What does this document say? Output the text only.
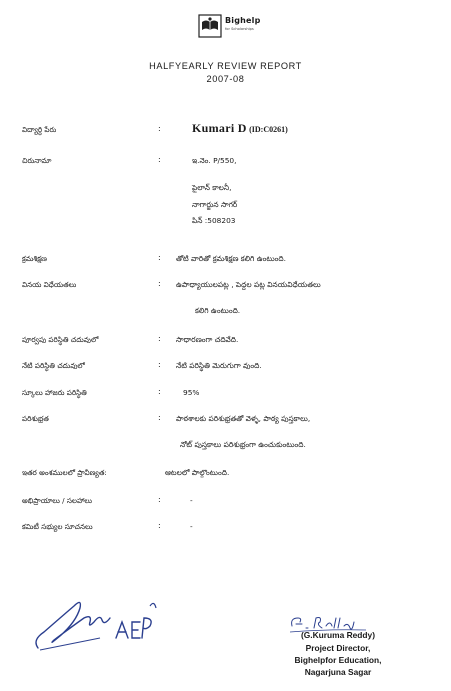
Bighelp
for Scholarships
HALFYEARLY REVIEW REPORT
2007-08
విద్యార్థి పేరు	:	Kumari D (ID:C0261)
చిరునామా	:	ఇ.నెం. P/550,
పైలాన్ కాలనీ,
నాగార్జున సాగర్
పిన్ :508203
క్రమశిక్షణ	: తోటి వారితో క్రమశిక్షణ కలిగి ఉంటుంది.
వినయ విధేయతలు	: ఉపాధ్యాయులపట్ల , పెద్దల పట్ల వినయవిధేయతలు
కలిగి ఉంటుంది.
పూర్వపు పరిస్థితి చదువులో	: సాధారణంగా చదివేది.
నేటి పరిస్థితి చదువులో	: నేటి పరిస్థితి మెరుగుగా వుంది.
స్కూలు హాజరు పరిస్థితి	:	95%
పరిశుభ్రత	: పాఠశాలకు పరిశుభ్రతతో వెళ్ళ, పాఠ్య పుస్తకాలు,
నోట్ పుస్తకాలు పరిశుభ్రంగా ఉంచుకుంటుంది.
ఇతర అంశములలో ప్రావీణ్యత:	ఆటలలో పాల్గొంటుంది.
అభిప్రాయాలు / సలహాలు	:	-
కమిటీ సభ్యుల సూచనలు	:	-
(G.Kuruma Reddy)
Project Director,
Bighelpfor Education,
Nagarjuna Sagar
